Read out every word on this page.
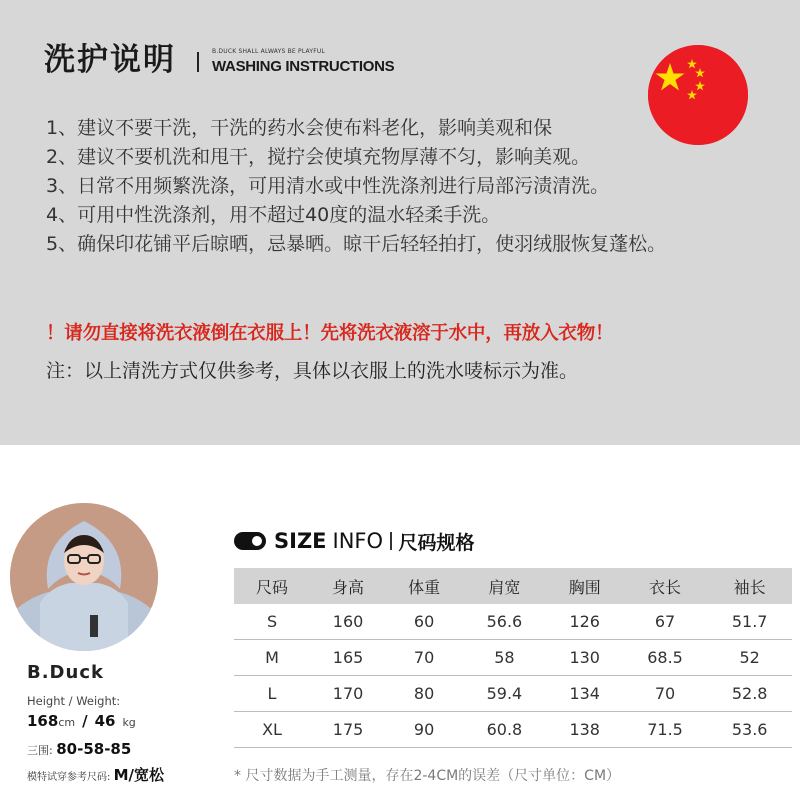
洗护说明	B.DUCK SHALL ALWAYS BE PLAYFUL
WASHING INSTRUCTIONS
1、建议不要干洗，干洗的药水会使布料老化，影响美观和保
2、建议不要机洗和甩干，搅拧会使填充物厚薄不匀，影响美观。
3、日常不用频繁洗涤，可用清水或中性洗涤剂进行局部污渍清洗。
4、可用中性洗涤剂，用不超过40度的温水轻柔手洗。
5、确保印花铺平后晾晒，忌暴晒。晾干后轻轻拍打，使羽绒服恢复蓬松。
！请勿直接将洗衣液倒在衣服上！先将洗衣液溶于水中，再放入衣物！
注：以上清洗方式仅供参考，具体以衣服上的洗水唛标示为准。
B.Duck
Height / Weight:
168cm / 46 kg
三围: 80-58-85
模特试穿参考尺码: M/宽松
SIZE INFO 尺码规格
尺码	身高	体重	肩宽	胸围	衣长	袖长
S	160	60	56.6	126	67	51.7
M	165	70	58	130	68.5	52
L	170	80	59.4	134	70	52.8
XL	175	90	60.8	138	71.5	53.6
* 尺寸数据为手工测量，存在2-4CM的误差（尺寸单位：CM）
